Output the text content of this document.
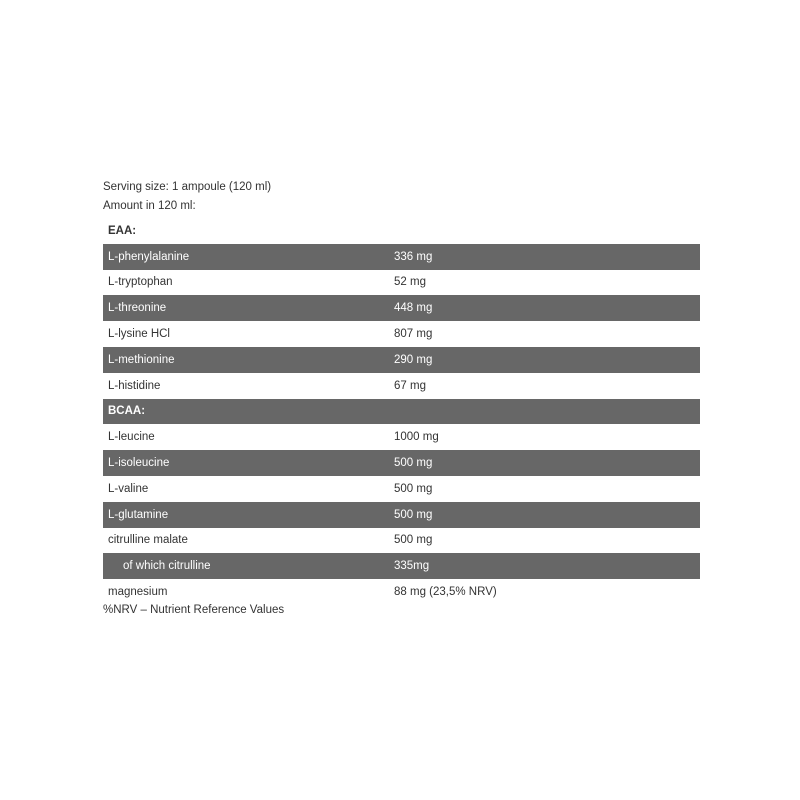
Serving size: 1 ampoule (120 ml)
Amount in 120 ml:
EAA:
L-phenylalanine	336 mg
L-tryptophan	52 mg
L-threonine	448 mg
L-lysine HCl	807 mg
L-methionine	290 mg
L-histidine	67 mg
BCAA:
L-leucine	1000 mg
L-isoleucine	500 mg
L-valine	500 mg
L-glutamine	500 mg
citrulline malate	500 mg
of which citrulline	335mg
magnesium	88 mg (23,5% NRV)
%NRV – Nutrient Reference Values
